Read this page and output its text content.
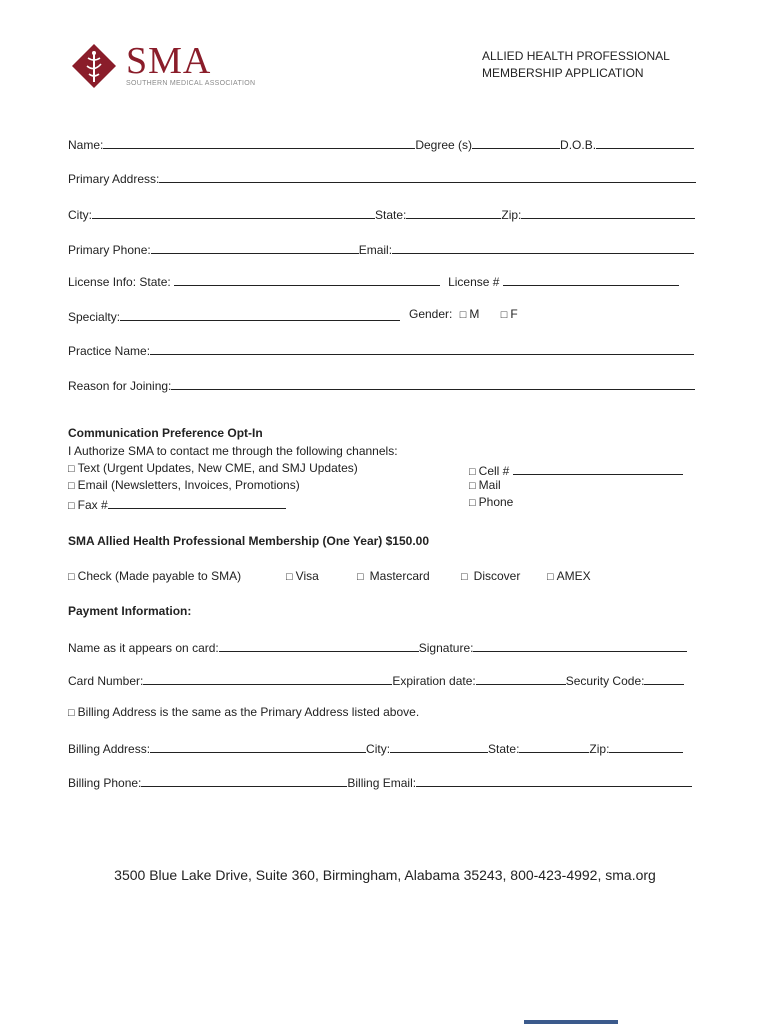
SMA
SOUTHERN MEDICAL ASSOCIATION
ALLIED HEALTH PROFESSIONAL
MEMBERSHIP APPLICATION
Name:	Degree (s)	D.O.B.
Primary Address:
City:	State:	Zip:
Primary Phone:	Email:
License Info: State:	License #
Specialty:	Gender: □ M □ F
Practice Name:
Reason for Joining:
Communication Preference Opt-In
I Authorize SMA to contact me through the following channels:
□ Text (Urgent Updates, New CME, and SMJ Updates)
□ Email (Newsletters, Invoices, Promotions)
□ Fax #
□ Cell #
□ Mail
□ Phone
SMA Allied Health Professional Membership (One Year) $150.00
□ Check (Made payable to SMA)	□ Visa	□ Mastercard	□ Discover □ AMEX
Payment Information:
Name as it appears on card:	Signature:
Card Number:	Expiration date:	Security Code:
□ Billing Address is the same as the Primary Address listed above.
Billing Address:	City:	State:	Zip:
Billing Phone:	Billing Email:
3500 Blue Lake Drive, Suite 360, Birmingham, Alabama 35243, 800-423-4992, sma.org
